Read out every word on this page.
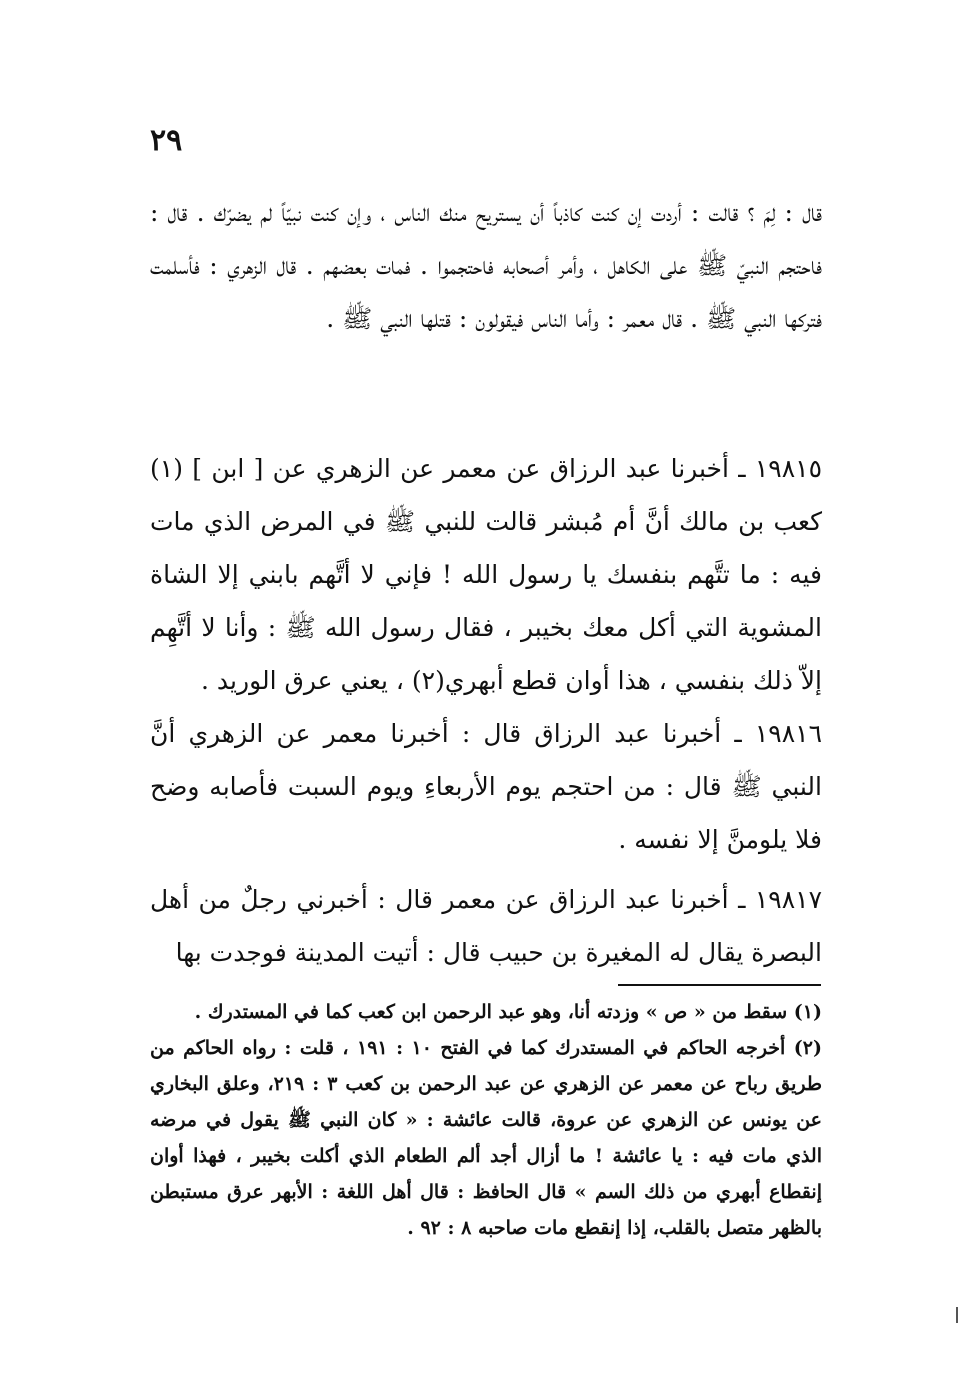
٢٩
قال : لِمَ ؟ قالت : أردت إن كنت كاذباً أن يستريح منك الناس ، وإن كنت نبيّاً لم يضرّك . قال : فاحتجم النبيّ ﷺ على الكاهل ، وأمر أصحابه فاحتجموا . فمات بعضهم . قال الزهري : فأسلمت فتركها النبي ﷺ . قال معمر : وأما الناس فيقولون : قتلها النبي ﷺ .
١٩٨١٥ ـ أخبرنا عبد الرزاق عن معمر عن الزهري عن [ ابن ] (١) كعب بن مالك أنَّ أم مُبشر قالت للنبي ﷺ في المرض الذي مات فيه : ما تتَّهم بنفسك يا رسول الله ! فإني لا أتَّهم بابني إلا الشاة المشوية التي أكل معك بخيبر ، فقال رسول الله ﷺ : وأنا لا أتَّهِم إلاّ ذلك بنفسي ، هذا أوان قطع أبهري(٢) ، يعني عرق الوريد .
١٩٨١٦ ـ أخبرنا عبد الرزاق قال : أخبرنا معمر عن الزهري أنَّ النبي ﷺ قال : من احتجم يوم الأربعاءِ ويوم السبت فأصابه وضح فلا يلومنَّ إلا نفسه .
١٩٨١٧ ـ أخبرنا عبد الرزاق عن معمر قال : أخبرني رجلٌ من أهل البصرة يقال له المغيرة بن حبيب قال : أتيت المدينة فوجدت بها
(١) سقط من « ص » وزدته أنا، وهو عبد الرحمن ابن كعب كما في المستدرك .
(٢) أخرجه الحاكم في المستدرك كما في الفتح ١٠ : ١٩١ ، قلت : رواه الحاكم من طريق رباح عن معمر عن الزهري عن عبد الرحمن بن كعب ٣ : ٢١٩، وعلق البخاري عن يونس عن الزهري عن عروة، قالت عائشة : « كان النبي ﷺ يقول في مرضه الذي مات فيه : يا عائشة ! ما أزال أجد ألم الطعام الذي أكلت بخيبر ، فهذا أوان إنقطاع أبهري من ذلك السم » قال الحافظ : قال أهل اللغة : الأبهر عرق مستبطن بالظهر متصل بالقلب، إذا إنقطع مات صاحبه ٨ : ٩٢ .
